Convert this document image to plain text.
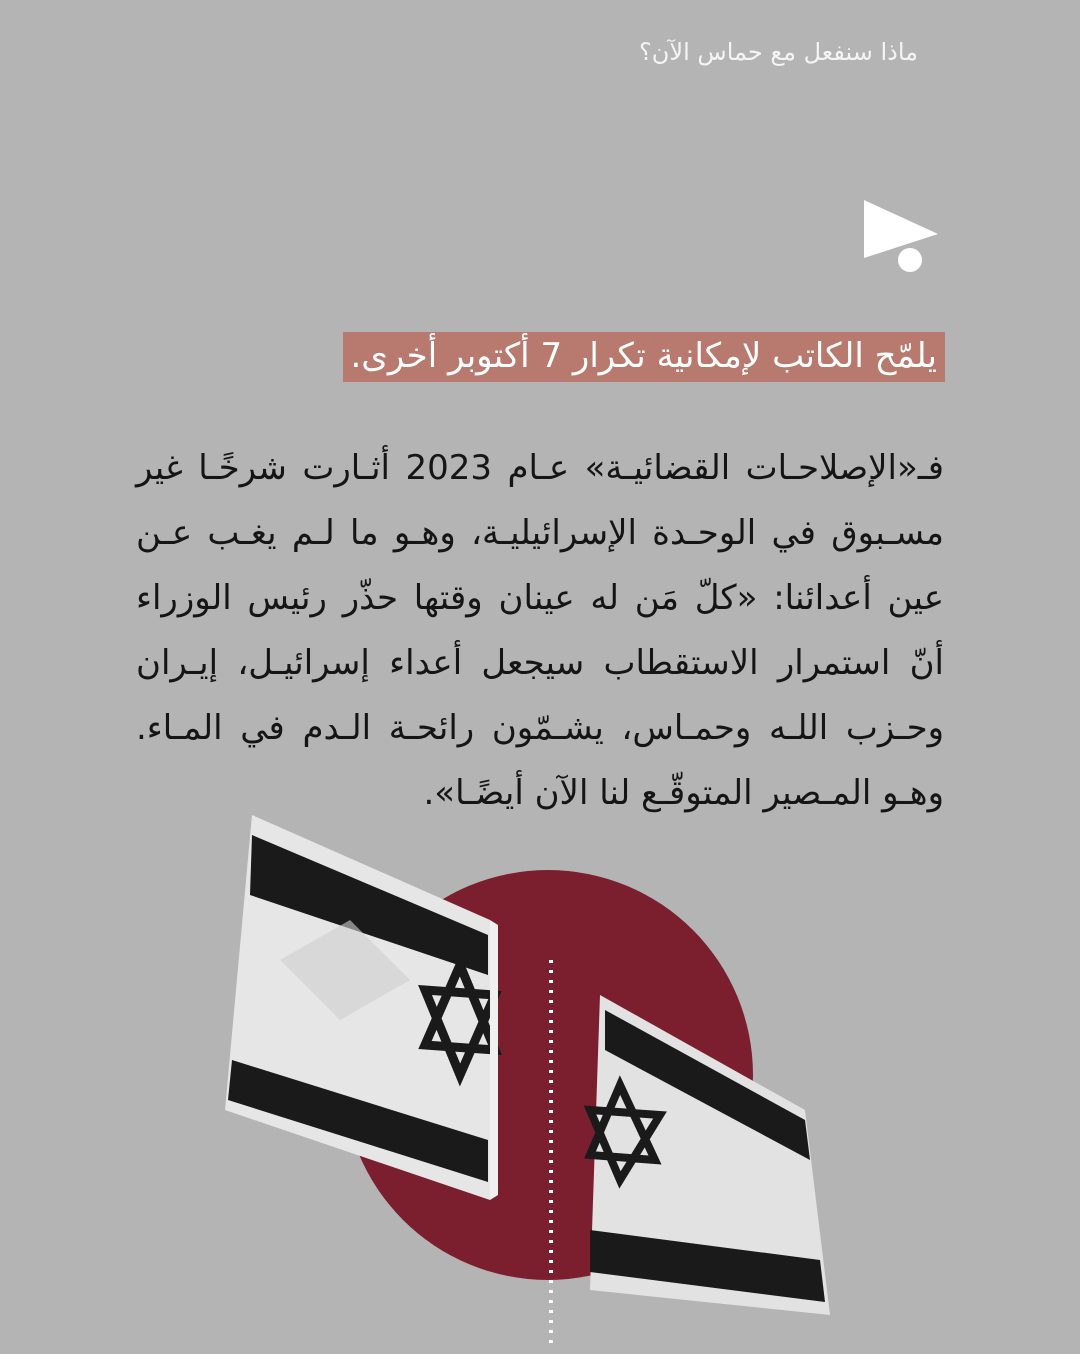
ماذا سنفعل مع حماس الآن؟
يلمّح الكاتب لإمكانية تكرار 7 أكتوبر أخرى.
فـ«الإصلاحـات القضائيـة» عـام 2023 أثـارت شرخًـا غير
مسـبوق في الوحـدة الإسرائيليـة، وهـو ما لـم يغـب عـن
عين أعدائنا: «كلّ مَن له عينان وقتها حذّر رئيس الوزراء
أنّ استمرار الاستقطاب سيجعل أعداء إسرائيـل، إيـران
وحـزب اللـه وحمـاس، يشـمّون رائحـة الـدم في المـاء.
وهـو المـصير المتوقّـع لنا الآن أيضًـا».
